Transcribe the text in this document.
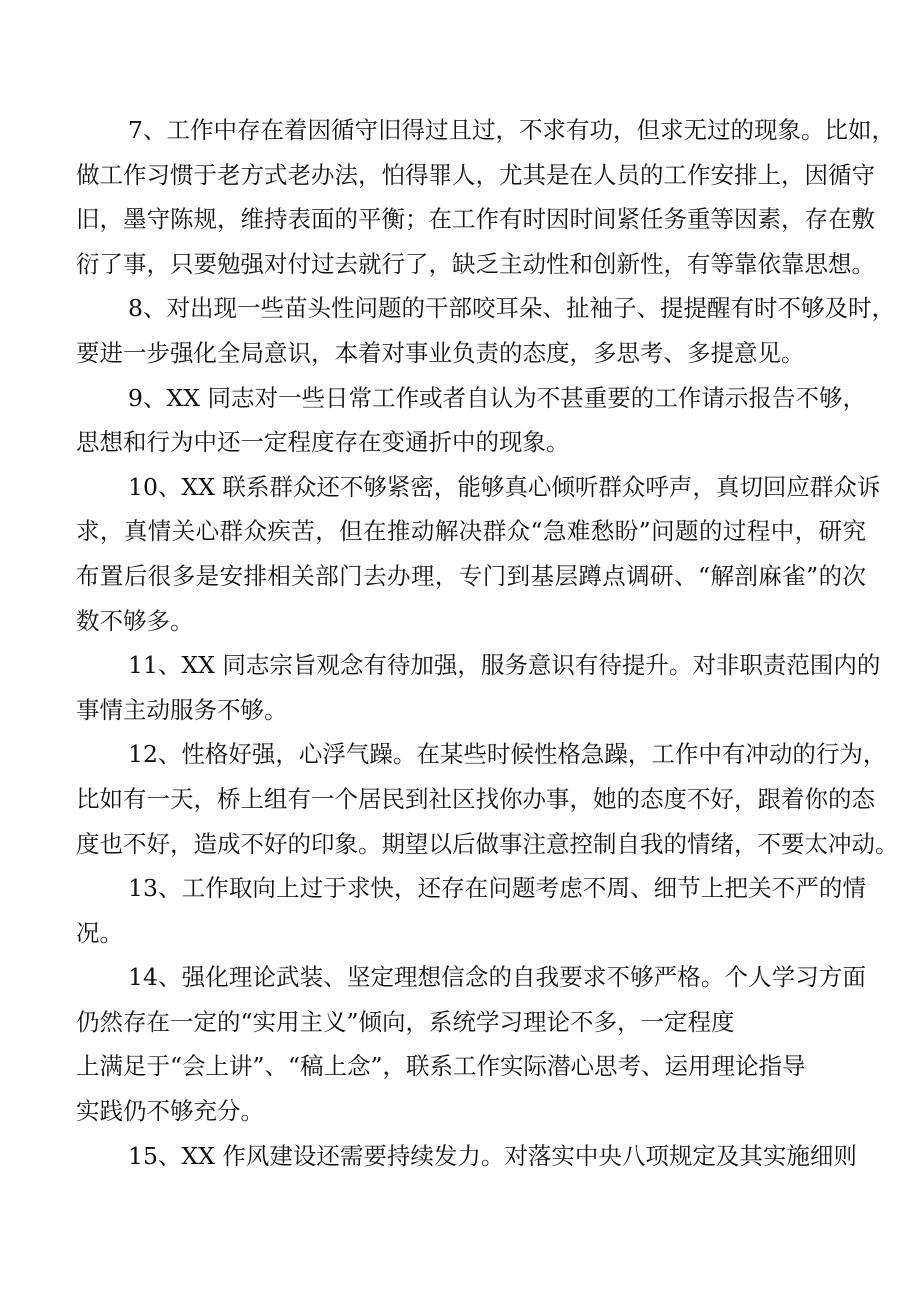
7、工作中存在着因循守旧得过且过，不求有功，但求无过的现象。比如，
做工作习惯于老方式老办法，怕得罪人，尤其是在人员的工作安排上，因循守
旧，墨守陈规，维持表面的平衡；在工作有时因时间紧任务重等因素，存在敷
衍了事，只要勉强对付过去就行了，缺乏主动性和创新性，有等靠依靠思想。
8、对出现一些苗头性问题的干部咬耳朵、扯袖子、提提醒有时不够及时，
要进一步强化全局意识，本着对事业负责的态度，多思考、多提意见。
9、XX 同志对一些日常工作或者自认为不甚重要的工作请示报告不够，
思想和行为中还一定程度存在变通折中的现象。
10、XX 联系群众还不够紧密，能够真心倾听群众呼声，真切回应群众诉
求，真情关心群众疾苦，但在推动解决群众“急难愁盼”问题的过程中，研究
布置后很多是安排相关部门去办理，专门到基层蹲点调研、“解剖麻雀”的次
数不够多。
11、XX 同志宗旨观念有待加强，服务意识有待提升。对非职责范围内的
事情主动服务不够。
12、性格好强，心浮气躁。在某些时候性格急躁，工作中有冲动的行为，
比如有一天，桥上组有一个居民到社区找你办事，她的态度不好，跟着你的态
度也不好，造成不好的印象。期望以后做事注意控制自我的情绪，不要太冲动。
13、工作取向上过于求快，还存在问题考虑不周、细节上把关不严的情
况。
14、强化理论武装、坚定理想信念的自我要求不够严格。个人学习方面
仍然存在一定的“实用主义”倾向，系统学习理论不多，一定程度
上满足于“会上讲”、“稿上念”，联系工作实际潜心思考、运用理论指导
实践仍不够充分。
15、XX 作风建设还需要持续发力。对落实中央八项规定及其实施细则
